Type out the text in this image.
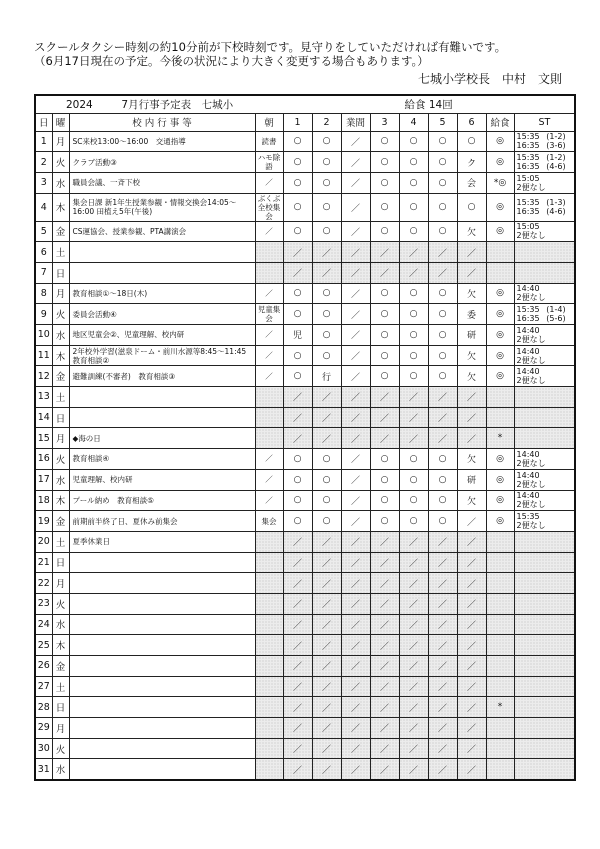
スクールタクシー時刻の約10分前が下校時刻です。見守りをしていただければ有難いです。
（6月17日現在の予定。今後の状況により大きく変更する場合もあります。）
七城小学校長　中村　文則
2024 7月行事予定表　七城小				給食 14回								
日	曜	校 内 行 事 等	朝	1	2	業間	3	4	5	6	給食	ST
1	月	SC来校13:00～16:00　交通指導	読書	○	○	／	○	○	○	○	◎	15:35 (1-2)
16:35 (3-6)

2	火	クラブ活動③	ハモ除語	○	○	／	○	○	○	ク	◎	15:35 (1-2)
16:35 (4-6)

3	水	職員会議、一斉下校	／	○	○	／	○	○	○	会	*◎	15:05
2便なし

4	木	集会日課 新1年生授業参観・情報交換会14:05～16:00 田植え5年(午後)	ぶくぶ全校集会	○	○	／	○	○	○	○	◎	15:35 (1-3)
16:35 (4-6)

5	金	CS運協会、授業参観、PTA講演会	／	○	○	／	○	○	○	欠	◎	15:05
2便なし

6	土			／	／	／	／	／	／	／		

7	日			／	／	／	／	／	／	／		

8	月	教育相談①～18日(木)	／	○	○	／	○	○	○	欠	◎	14:40
2便なし

9	火	委員会活動④	児童集会	○	○	／	○	○	○	委	◎	15:35 (1-4)
16:35 (5-6)

10	水	地区児童会②、児童理解、校内研	／	児	○	／	○	○	○	研	◎	14:40
2便なし

11	木	2年校外学習(滋泉ドーム・前川水源等8:45～11:45 教育相談②	／	○	○	／	○	○	○	欠	◎	14:40
2便なし

12	金	避難訓練(不審者)　教育相談③	／	○	行	／	○	○	○	欠	◎	14:40
2便なし

13	土			／	／	／	／	／	／	／		

14	日			／	／	／	／	／	／	／		

15	月	◆海の日		／	／	／	／	／	／	／	*	

16	火	教育相談④	／	○	○	／	○	○	○	欠	◎	14:40
2便なし

17	水	児童理解、校内研	／	○	○	／	○	○	○	研	◎	14:40
2便なし

18	木	プール納め　教育相談⑤	／	○	○	／	○	○	○	欠	◎	14:40
2便なし

19	金	前期前半終了日、夏休み前集会	集会	○	○	／	○	○	○	／	◎	15:35
2便なし

20	土	夏季休業日		／	／	／	／	／	／	／		

21	日			／	／	／	／	／	／	／		

22	月			／	／	／	／	／	／	／		

23	火			／	／	／	／	／	／	／		

24	水			／	／	／	／	／	／	／		

25	木			／	／	／	／	／	／	／		

26	金			／	／	／	／	／	／	／		

27	土			／	／	／	／	／	／	／		

28	日			／	／	／	／	／	／	／	*	

29	月			／	／	／	／	／	／	／		

30	火			／	／	／	／	／	／	／		

31	水			／	／	／	／	／	／	／		
